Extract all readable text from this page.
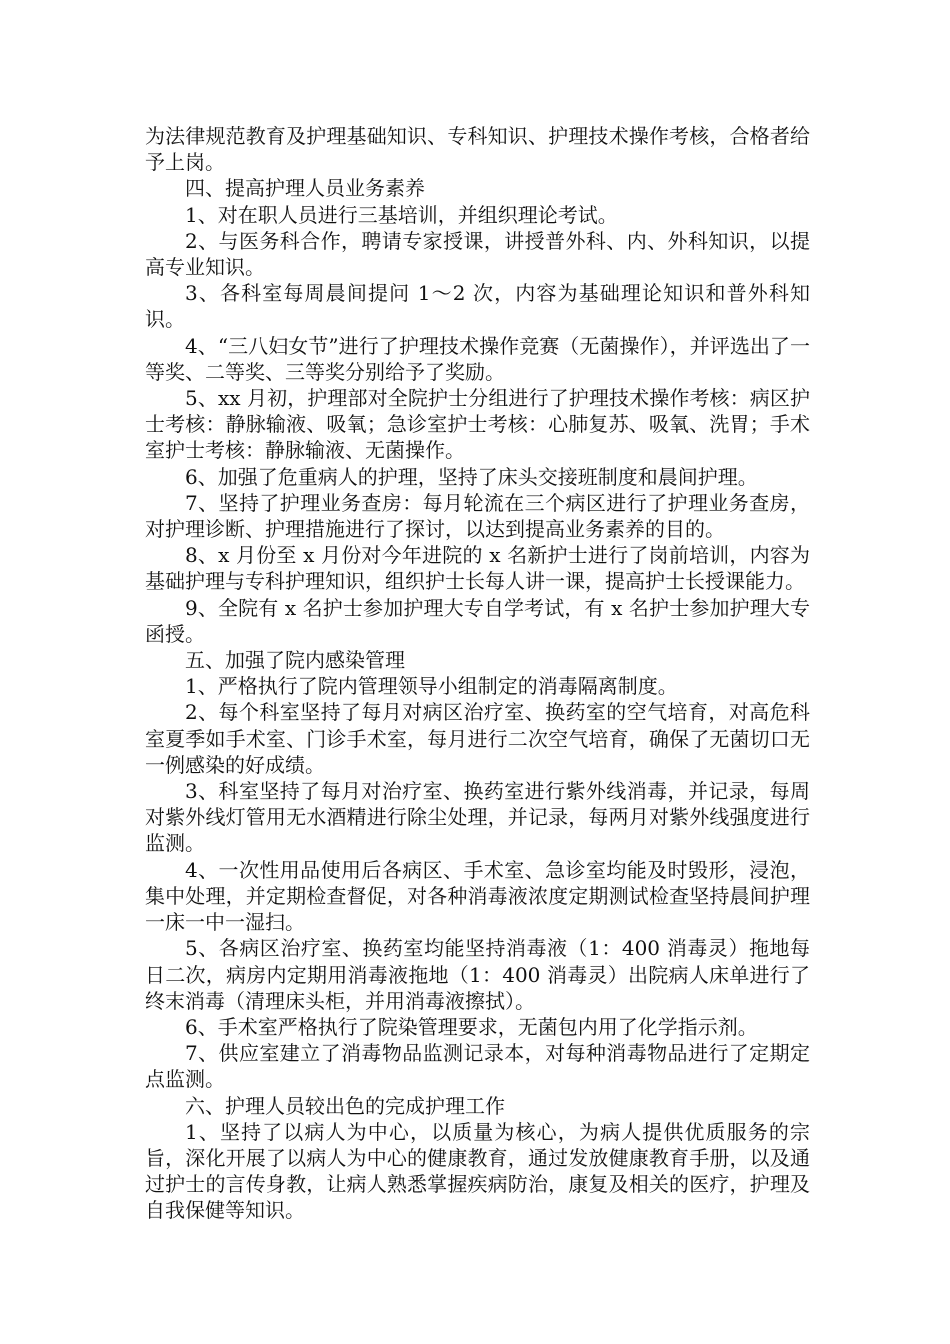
为法律规范教育及护理基础知识、专科知识、护理技术操作考核，合格者给予上岗。

四、提高护理人员业务素养

1、对在职人员进行三基培训，并组织理论考试。

2、与医务科合作，聘请专家授课，讲授普外科、内、外科知识，以提高专业知识。

3、各科室每周晨间提问 1～2 次，内容为基础理论知识和普外科知识。

4、“三八妇女节”进行了护理技术操作竞赛（无菌操作），并评选出了一等奖、二等奖、三等奖分别给予了奖励。

5、xx 月初，护理部对全院护士分组进行了护理技术操作考核：病区护士考核：静脉输液、吸氧；急诊室护士考核：心肺复苏、吸氧、洗胃；手术室护士考核：静脉输液、无菌操作。

6、加强了危重病人的护理，坚持了床头交接班制度和晨间护理。

7、坚持了护理业务查房：每月轮流在三个病区进行了护理业务查房，对护理诊断、护理措施进行了探讨，以达到提高业务素养的目的。

8、x 月份至 x 月份对今年进院的 x 名新护士进行了岗前培训，内容为基础护理与专科护理知识，组织护士长每人讲一课，提高护士长授课能力。

9、全院有 x 名护士参加护理大专自学考试，有 x 名护士参加护理大专函授。

五、加强了院内感染管理

1、严格执行了院内管理领导小组制定的消毒隔离制度。

2、每个科室坚持了每月对病区治疗室、换药室的空气培育，对高危科室夏季如手术室、门诊手术室，每月进行二次空气培育，确保了无菌切口无一例感染的好成绩。

3、科室坚持了每月对治疗室、换药室进行紫外线消毒，并记录，每周对紫外线灯管用无水酒精进行除尘处理，并记录，每两月对紫外线强度进行监测。

4、一次性用品使用后各病区、手术室、急诊室均能及时毁形，浸泡，集中处理，并定期检查督促，对各种消毒液浓度定期测试检查坚持晨间护理一床一中一湿扫。

5、各病区治疗室、换药室均能坚持消毒液（1：400 消毒灵）拖地每日二次，病房内定期用消毒液拖地（1：400 消毒灵）出院病人床单进行了终末消毒（清理床头柜，并用消毒液擦拭）。

6、手术室严格执行了院染管理要求，无菌包内用了化学指示剂。

7、供应室建立了消毒物品监测记录本，对每种消毒物品进行了定期定点监测。

六、护理人员较出色的完成护理工作

1、坚持了以病人为中心，以质量为核心，为病人提供优质服务的宗旨，深化开展了以病人为中心的健康教育，通过发放健康教育手册，以及通过护士的言传身教，让病人熟悉掌握疾病防治，康复及相关的医疗，护理及自我保健等知识。
